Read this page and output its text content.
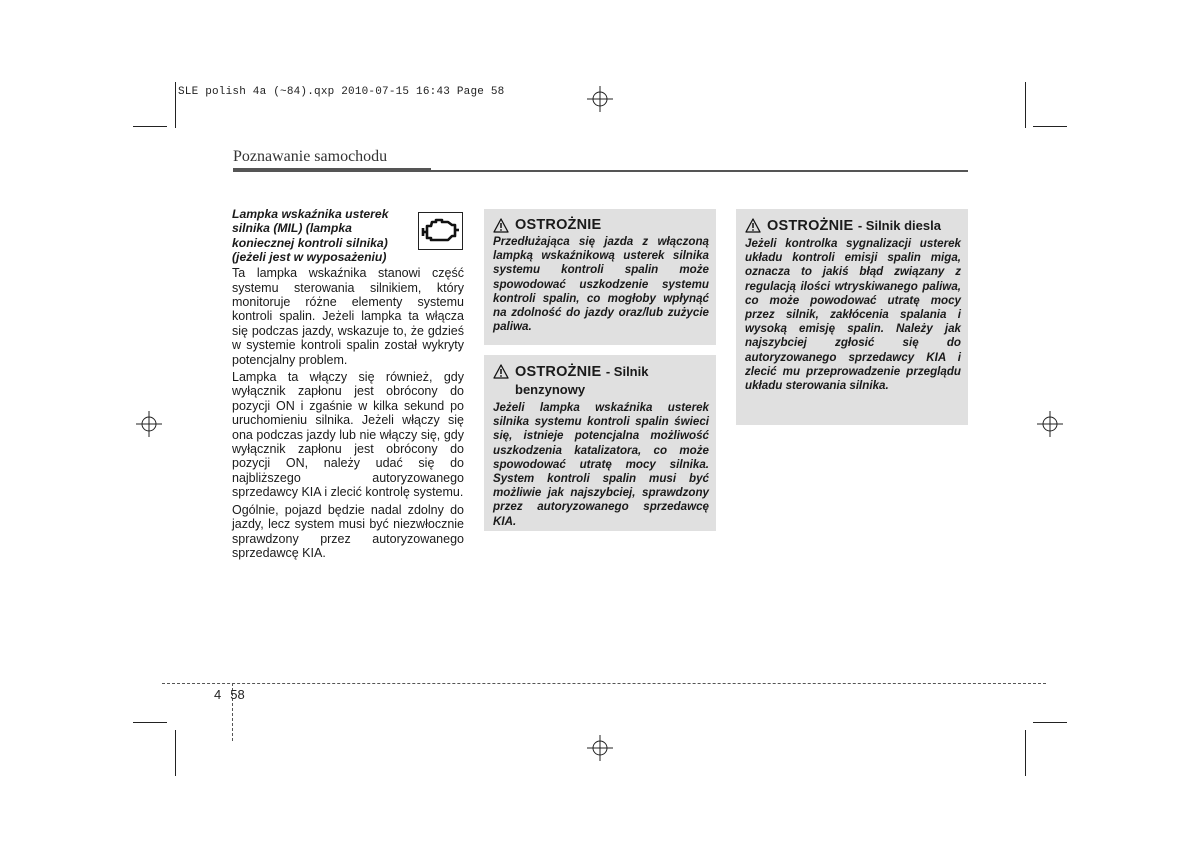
SLE polish 4a (~84).qxp 2010-07-15 16:43 Page 58
Poznawanie samochodu
Lampka wskaźnika usterek silnika (MIL) (lampka koniecznej kontroli silnika) (jeżeli jest w wyposażeniu)

Ta lampka wskaźnika stanowi część systemu sterowania silnikiem, który monitoruje różne elementy systemu kontroli spalin. Jeżeli lampka ta włącza się podczas jazdy, wskazuje to, że gdzieś w systemie kontroli spalin został wykryty potencjalny problem.

Lampka ta włączy się również, gdy wyłącznik zapłonu jest obrócony do pozycji ON i zgaśnie w kilka sekund po uruchomieniu silnika. Jeżeli włączy się ona podczas jazdy lub nie włączy się, gdy wyłącznik zapłonu jest obrócony do pozycji ON, należy udać się do najbliższego autoryzowanego sprzedawcy KIA i zlecić kontrolę systemu.

Ogólnie, pojazd będzie nadal zdolny do jazdy, lecz system musi być niezwłocznie sprawdzony przez autoryzowanego sprzedawcę KIA.

OSTROŻNIE
Przedłużająca się jazda z włączoną lampką wskaźnikową usterek silnika systemu kontroli spalin może spowodować uszkodzenie systemu kontroli spalin, co mogłoby wpłynąć na zdolność do jazdy oraz/lub zużycie paliwa.
OSTROŻNIE - Silnik benzynowy
Jeżeli lampka wskaźnika usterek silnika systemu kontroli spalin świeci się, istnieje potencjalna możliwość uszkodzenia katalizatora, co może spowodować utratę mocy silnika. System kontroli spalin musi być możliwie jak najszybciej, sprawdzony przez autoryzowanego sprzedawcę KIA.
OSTROŻNIE - Silnik diesla
Jeżeli kontrolka sygnalizacji usterek układu kontroli emisji spalin miga, oznacza to jakiś błąd związany z regulacją ilości wtryskiwanego paliwa, co może powodować utratę mocy przez silnik, zakłócenia spalania i wysoką emisję spalin. Należy jak najszybciej zgłosić się do autoryzowanego sprzedawcy KIA i zlecić mu przeprowadzenie przeglądu układu sterowania silnika.
4 58
